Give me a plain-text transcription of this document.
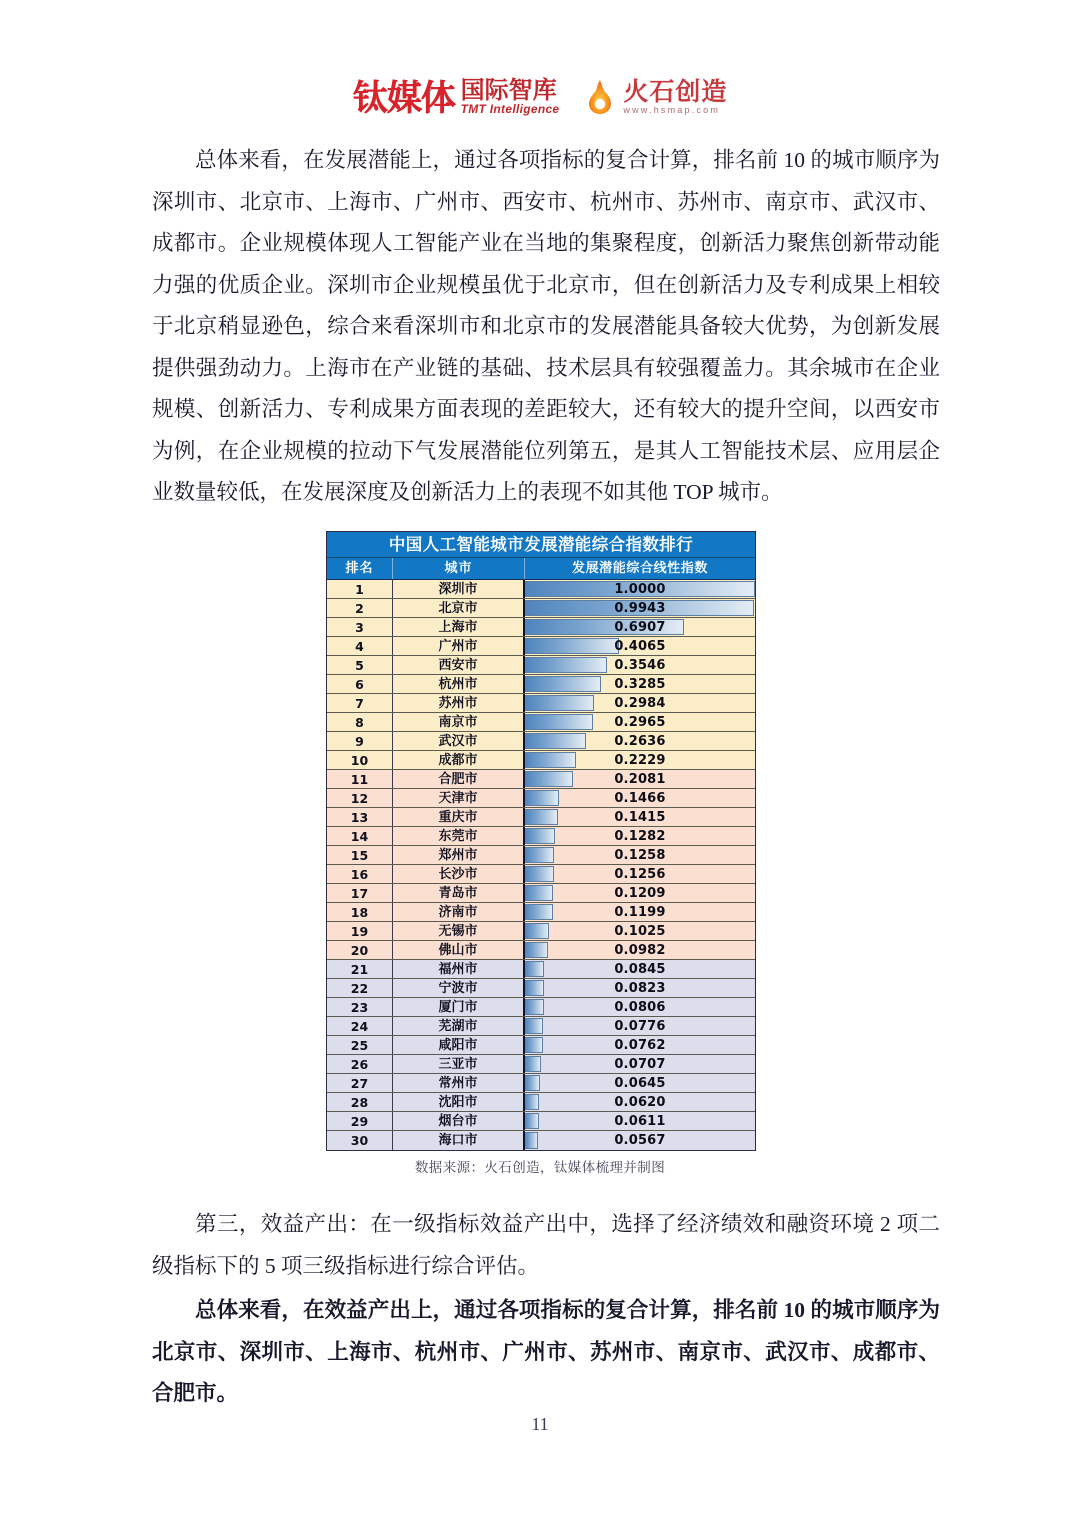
钛媒体 国际智库
TMT Intelligence
火石创造
www.hsmap.com
总体来看，在发展潜能上，通过各项指标的复合计算，排名前 10 的城市顺序为深圳市、北京市、上海市、广州市、西安市、杭州市、苏州市、南京市、武汉市、成都市。企业规模体现人工智能产业在当地的集聚程度，创新活力聚焦创新带动能力强的优质企业。深圳市企业规模虽优于北京市，但在创新活力及专利成果上相较于北京稍显逊色，综合来看深圳市和北京市的发展潜能具备较大优势，为创新发展提供强劲动力。上海市在产业链的基础、技术层具有较强覆盖力。其余城市在企业规模、创新活力、专利成果方面表现的差距较大，还有较大的提升空间，以西安市为例，在企业规模的拉动下气发展潜能位列第五，是其人工智能技术层、应用层企业数量较低，在发展深度及创新活力上的表现不如其他 TOP 城市。
中国人工智能城市发展潜能综合指数排行
排名	城市	发展潜能综合线性指数
1	深圳市	1.0000
2	北京市	0.9943
3	上海市	0.6907
4	广州市	0.4065
5	西安市	0.3546
6	杭州市	0.3285
7	苏州市	0.2984
8	南京市	0.2965
9	武汉市	0.2636
10	成都市	0.2229
11	合肥市	0.2081
12	天津市	0.1466
13	重庆市	0.1415
14	东莞市	0.1282
15	郑州市	0.1258
16	长沙市	0.1256
17	青岛市	0.1209
18	济南市	0.1199
19	无锡市	0.1025
20	佛山市	0.0982
21	福州市	0.0845
22	宁波市	0.0823
23	厦门市	0.0806
24	芜湖市	0.0776
25	咸阳市	0.0762
26	三亚市	0.0707
27	常州市	0.0645
28	沈阳市	0.0620
29	烟台市	0.0611
30	海口市	0.0567
数据来源：火石创造，钛媒体梳理并制图
第三，效益产出：在一级指标效益产出中，选择了经济绩效和融资环境 2 项二级指标下的 5 项三级指标进行综合评估。
总体来看，在效益产出上，通过各项指标的复合计算，排名前 10 的城市顺序为北京市、深圳市、上海市、杭州市、广州市、苏州市、南京市、武汉市、成都市、合肥市。
11
